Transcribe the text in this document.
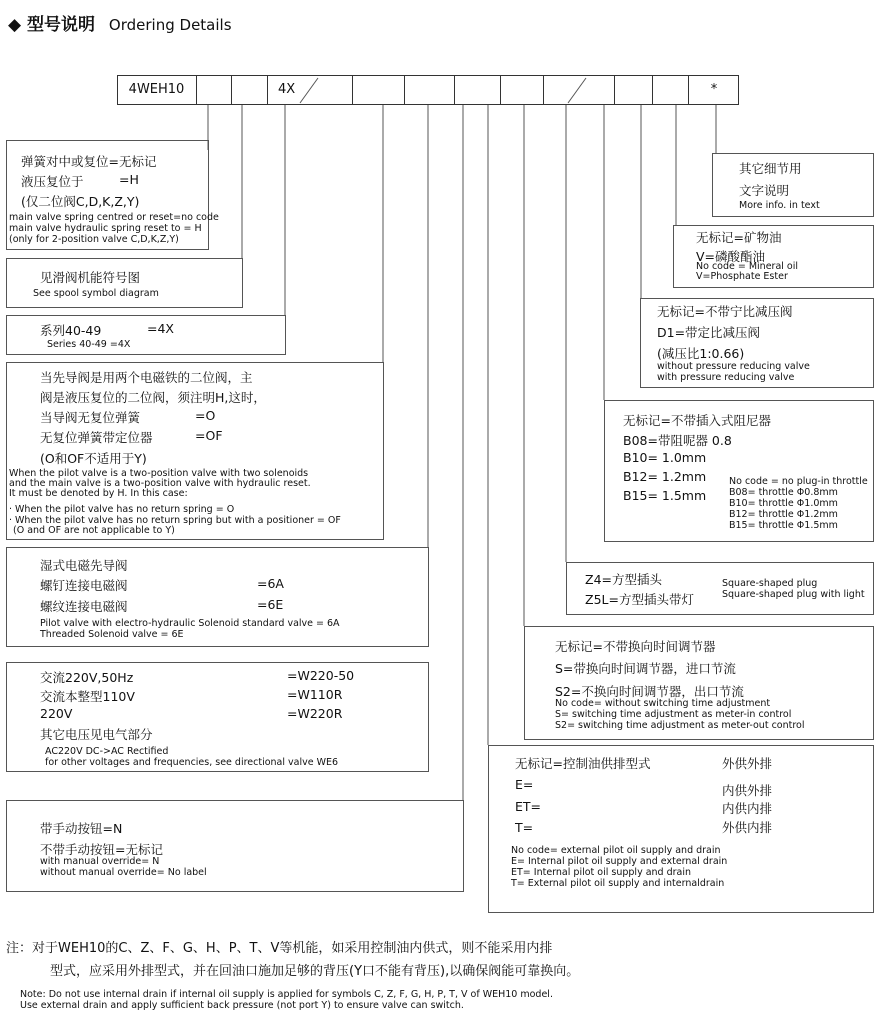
◆ 型号说明 Ordering Details
4WEH10	4X	*
弹簧对中或复位=无标记
液压复位于	=H
(仅二位阀C,D,K,Z,Y)
main valve spring centred or reset=no code
main valve hydraulic spring reset to = H
(only for 2-position valve C,D,K,Z,Y)
见滑阀机能符号图
See spool symbol diagram
系列40-49	=4X
Series 40-49 =4X
当先导阀是用两个电磁铁的二位阀，主
阀是液压复位的二位阀，须注明H,这时，
当导阀无复位弹簧	=O
无复位弹簧带定位器	=OF
(O和OF不适用于Y)
When the pilot valve is a two-position valve with two solenoids
and the main valve is a two-position valve with hydraulic reset.
It must be denoted by H. In this case:
· When the pilot valve has no return spring = O
· When the pilot valve has no return spring but with a positioner = OF
(O and OF are not applicable to Y)
湿式电磁先导阀
螺钉连接电磁阀	=6A
螺纹连接电磁阀	=6E
Pilot valve with electro-hydraulic Solenoid standard valve = 6A
Threaded Solenoid valve = 6E
交流220V,50Hz	=W220-50
交流本整型110V	=W110R
220V	=W220R
其它电压见电气部分
AC220V DC->AC Rectified
for other voltages and frequencies, see directional valve WE6
带手动按钮=N
不带手动按钮=无标记
with manual override= N
without manual override= No label
其它细节用
文字说明
More info. in text
无标记=矿物油
V=磷酸酯油
No code = Mineral oil
V=Phosphate Ester
无标记=不带宁比减压阀
D1=带定比减压阀
(减压比1:0.66)
without pressure reducing valve
with pressure reducing valve
无标记=不带插入式阻尼器
B08=带阻呢器 0.8
B10= 1.0mm
B12= 1.2mm
B15= 1.5mm
No code = no plug-in throttle
B08= throttle Φ0.8mm
B10= throttle Φ1.0mm
B12= throttle Φ1.2mm
B15= throttle Φ1.5mm
Z4=方型插头
Z5L=方型插头带灯
Square-shaped plug
Square-shaped plug with light
无标记=不带换向时间调节器
S=带换向时间调节器，进口节流
S2=不换向时间调节器，出口节流
No code= without switching time adjustment
S= switching time adjustment as meter-in control
S2= switching time adjustment as meter-out control
无标记=控制油供排型式	外供外排
E=	内供外排
ET=	内供内排
T=	外供内排
No code= external pilot oil supply and drain
E= Internal pilot oil supply and external drain
ET= Internal pilot oil supply and drain
T= External pilot oil supply and internaldrain
注：对于WEH10的C、Z、F、G、H、P、T、V等机能，如采用控制油内供式，则不能采用内排
型式，应采用外排型式，并在回油口施加足够的背压(Y口不能有背压),以确保阀能可靠换向。
Note: Do not use internal drain if internal oil supply is applied for symbols C, Z, F, G, H, P, T, V of WEH10 model.
Use external drain and apply sufficient back pressure (not port Y) to ensure valve can switch.
